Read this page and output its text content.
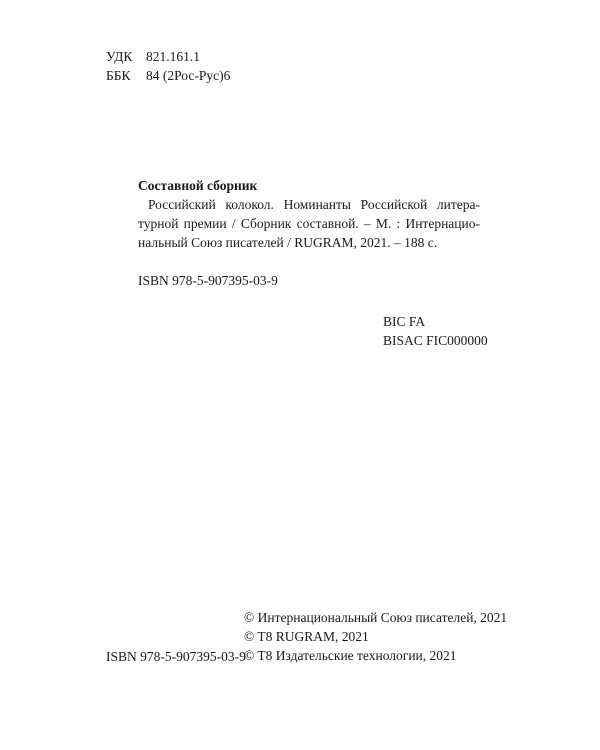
УДК	821.161.1
ББК	84 (2Рос-Рус)6

Составной сборник

Российский колокол. Номинанты Российской литературной премии / Сборник составной. – М. : Интернациональный Союз писателей / RUGRAM, 2021. – 188 с.

ISBN 978-5-907395-03-9
BIC FA
BISAC FIC000000
ISBN 978-5-907395-03-9
© Интернациональный Союз писателей, 2021
© T8 RUGRAM, 2021
© T8 Издательские технологии, 2021
